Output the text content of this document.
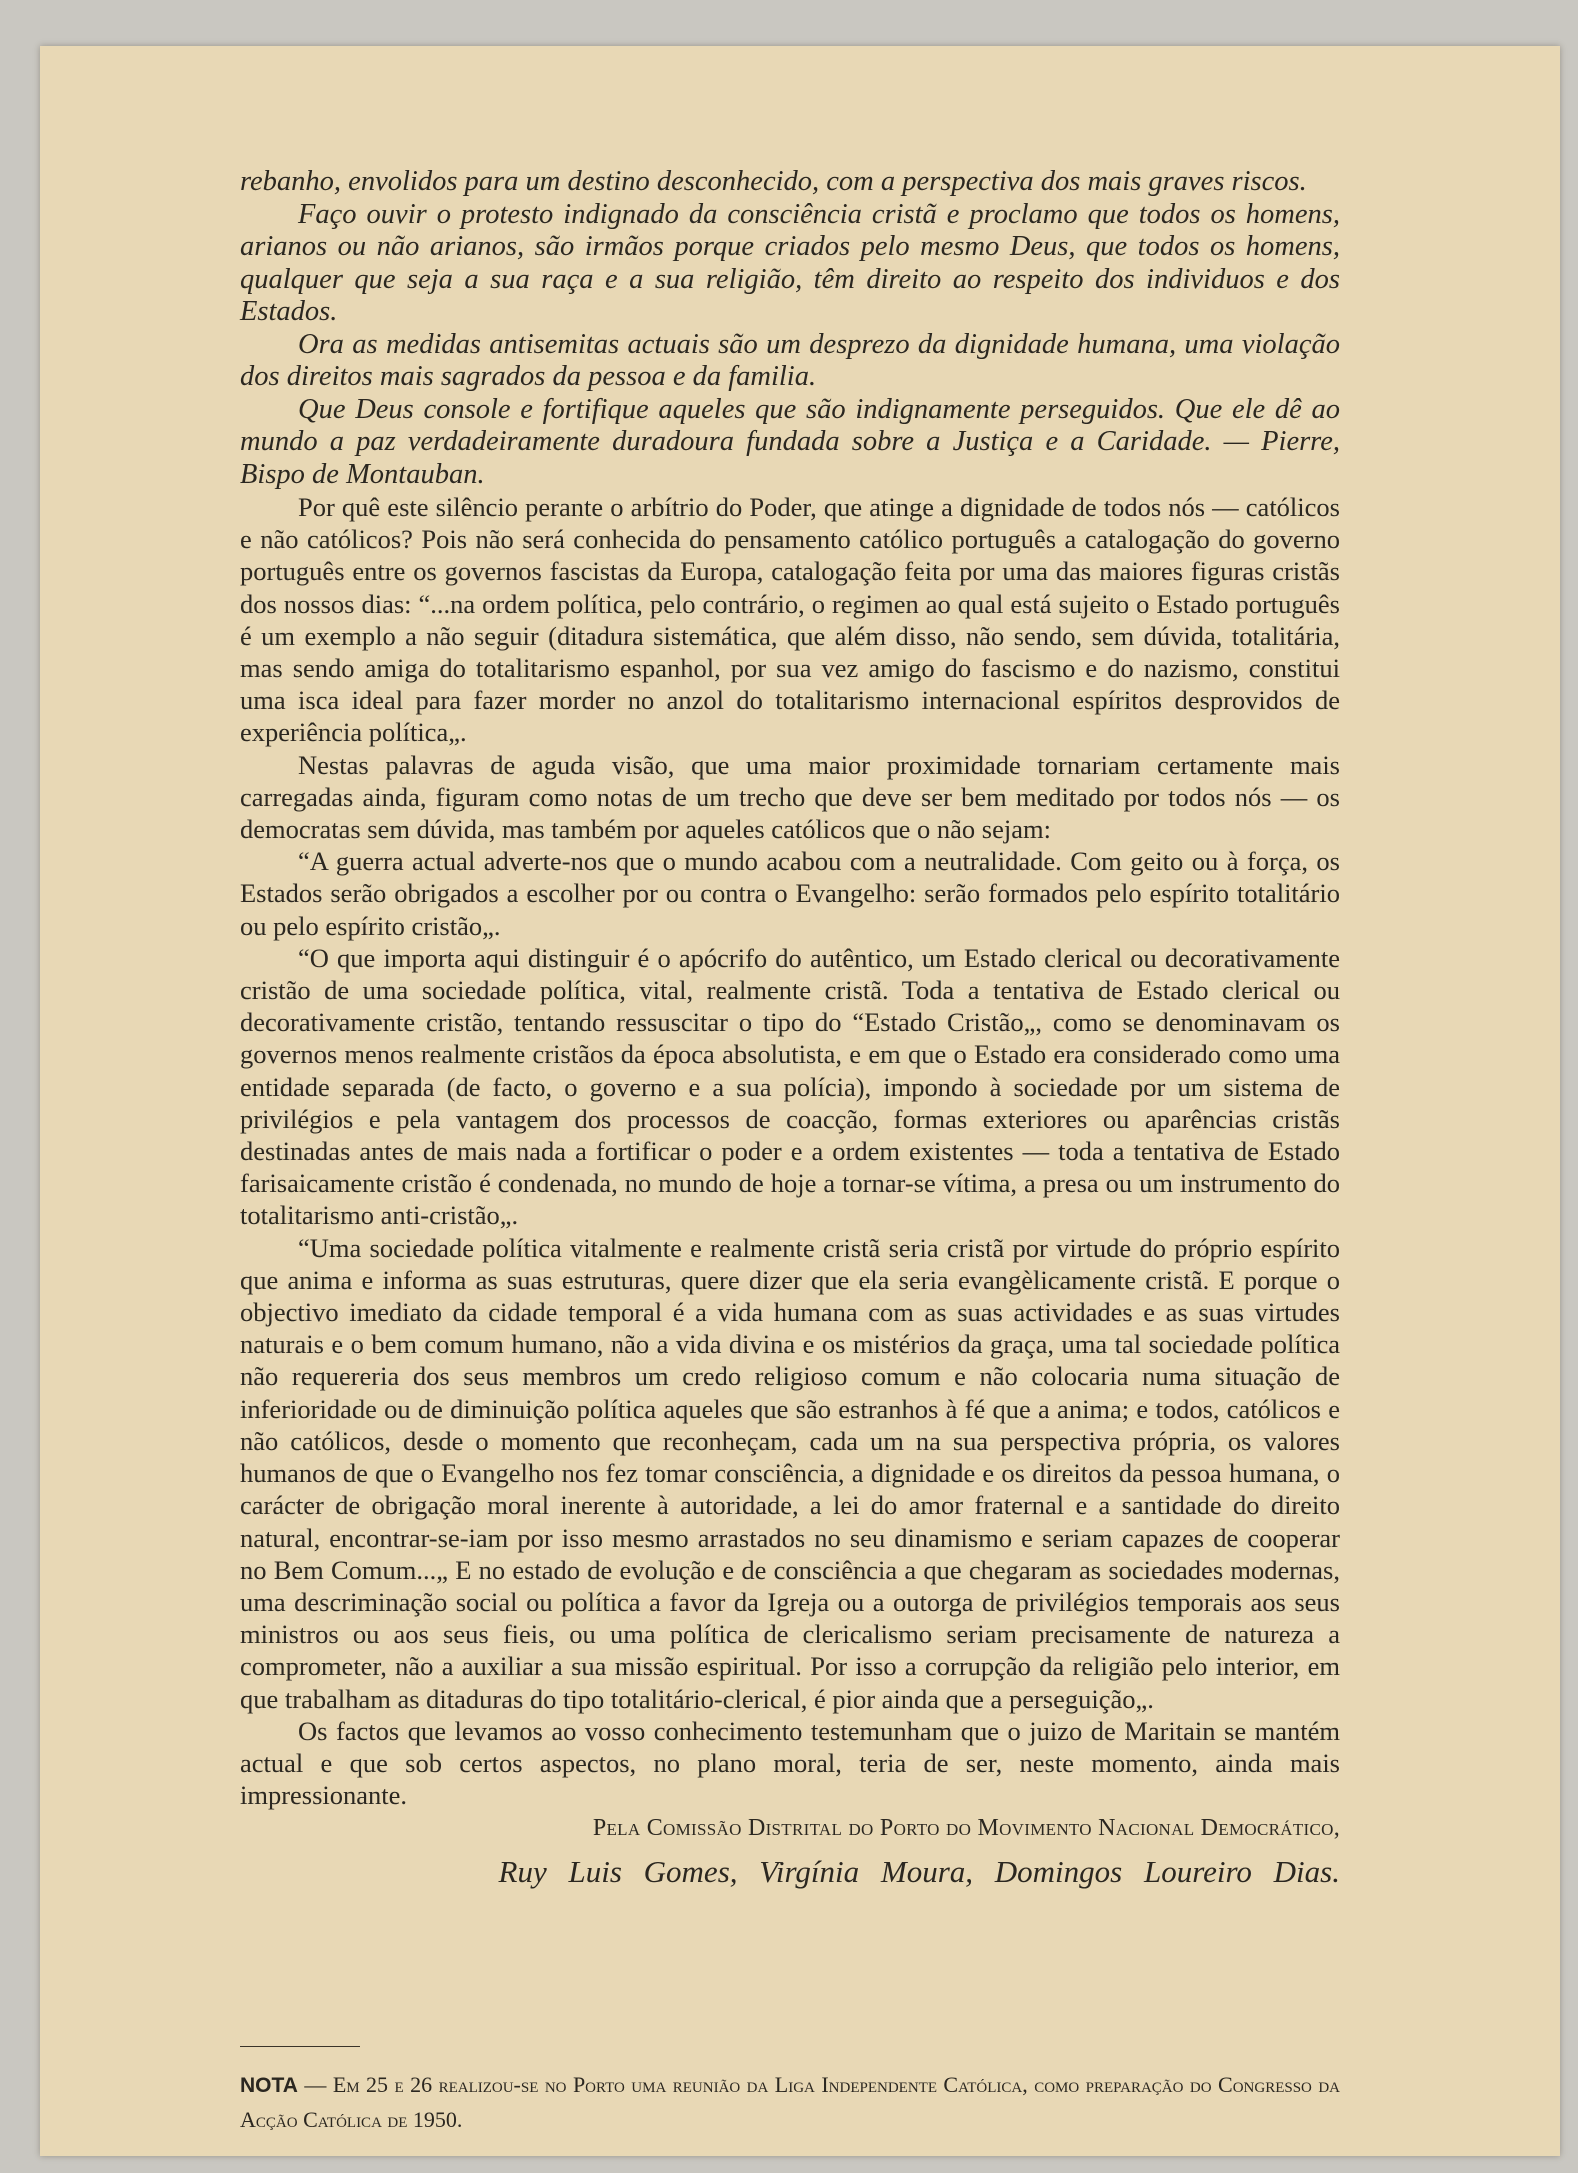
rebanho, envolidos para um destino desconhecido, com a perspectiva dos mais graves riscos.

Faço ouvir o protesto indignado da consciência cristã e proclamo que todos os homens, arianos ou não arianos, são irmãos porque criados pelo mesmo Deus, que todos os homens, qualquer que seja a sua raça e a sua religião, têm direito ao respeito dos individuos e dos Estados.

Ora as medidas antisemitas actuais são um desprezo da dignidade humana, uma violação dos direitos mais sagrados da pessoa e da familia.

Que Deus console e fortifique aqueles que são indignamente perseguidos. Que ele dê ao mundo a paz verdadeiramente duradoura fundada sobre a Justiça e a Caridade. — Pierre, Bispo de Montauban.

Por quê este silêncio perante o arbítrio do Poder, que atinge a dignidade de todos nós — católicos e não católicos? Pois não será conhecida do pensamento católico português a catalogação do governo português entre os governos fascistas da Europa, catalogação feita por uma das maiores figuras cristãs dos nossos dias: “...na ordem política, pelo contrário, o regimen ao qual está sujeito o Estado português é um exemplo a não seguir (ditadura sistemática, que além disso, não sendo, sem dúvida, totalitária, mas sendo amiga do totalitarismo espanhol, por sua vez amigo do fascismo e do nazismo, constitui uma isca ideal para fazer morder no anzol do totalitarismo internacional espíritos desprovidos de experiência política„.

Nestas palavras de aguda visão, que uma maior proximidade tornariam certamente mais carregadas ainda, figuram como notas de um trecho que deve ser bem meditado por todos nós — os democratas sem dúvida, mas também por aqueles católicos que o não sejam:

“A guerra actual adverte-nos que o mundo acabou com a neutralidade. Com geito ou à força, os Estados serão obrigados a escolher por ou contra o Evangelho: serão formados pelo espírito totalitário ou pelo espírito cristão„.

“O que importa aqui distinguir é o apócrifo do autêntico, um Estado clerical ou decorativamente cristão de uma sociedade política, vital, realmente cristã. Toda a tentativa de Estado clerical ou decorativamente cristão, tentando ressuscitar o tipo do “Estado Cristão„, como se denominavam os governos menos realmente cristãos da época absolutista, e em que o Estado era considerado como uma entidade separada (de facto, o governo e a sua polícia), impondo à sociedade por um sistema de privilégios e pela vantagem dos processos de coacção, formas exteriores ou aparências cristãs destinadas antes de mais nada a fortificar o poder e a ordem existentes — toda a tentativa de Estado farisaicamente cristão é condenada, no mundo de hoje a tornar-se vítima, a presa ou um instrumento do totalitarismo anti-cristão„.

“Uma sociedade política vitalmente e realmente cristã seria cristã por virtude do próprio espírito que anima e informa as suas estruturas, quere dizer que ela seria evangèlicamente cristã. E porque o objectivo imediato da cidade temporal é a vida humana com as suas actividades e as suas virtudes naturais e o bem comum humano, não a vida divina e os mistérios da graça, uma tal sociedade política não requereria dos seus membros um credo religioso comum e não colocaria numa situação de inferioridade ou de diminuição política aqueles que são estranhos à fé que a anima; e todos, católicos e não católicos, desde o momento que reconheçam, cada um na sua perspectiva própria, os valores humanos de que o Evangelho nos fez tomar consciência, a dignidade e os direitos da pessoa humana, o carácter de obrigação moral inerente à autoridade, a lei do amor fraternal e a santidade do direito natural, encontrar-se-iam por isso mesmo arrastados no seu dinamismo e seriam capazes de cooperar no Bem Comum...„ E no estado de evolução e de consciência a que chegaram as sociedades modernas, uma descriminação social ou política a favor da Igreja ou a outorga de privilégios temporais aos seus ministros ou aos seus fieis, ou uma política de clericalismo seriam precisamente de natureza a comprometer, não a auxiliar a sua missão espiritual. Por isso a corrupção da religião pelo interior, em que trabalham as ditaduras do tipo totalitário-clerical, é pior ainda que a perseguição„.

Os factos que levamos ao vosso conhecimento testemunham que o juizo de Maritain se mantém actual e que sob certos aspectos, no plano moral, teria de ser, neste momento, ainda mais impressionante.

Pela Comissão Distrital do Porto do Movimento Nacional Democrático,
Ruy Luis Gomes, Virgínia Moura, Domingos Loureiro Dias.
NOTA — Em 25 e 26 realizou-se no Porto uma reunião da Liga Independente Católica, como preparação do Congresso da Acção Católica de 1950.
